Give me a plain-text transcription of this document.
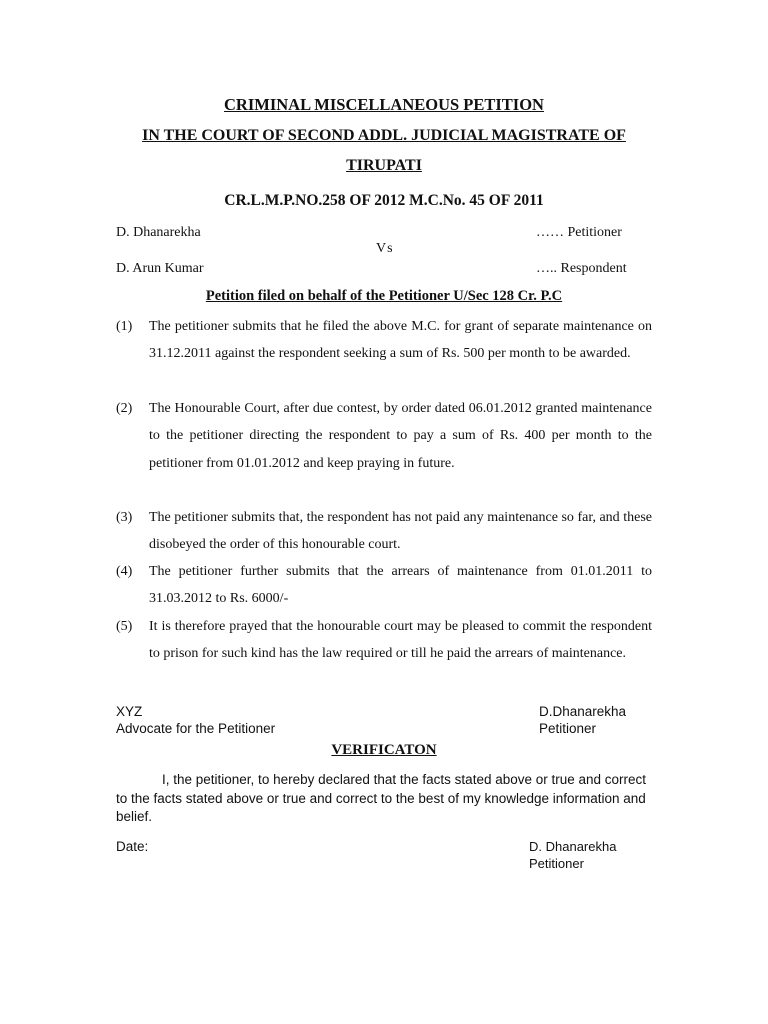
CRIMINAL MISCELLANEOUS PETITION
IN THE COURT OF SECOND ADDL. JUDICIAL MAGISTRATE OF
TIRUPATI
CR.L.M.P.NO.258 OF 2012 M.C.No. 45 OF 2011
D. Dhanarekha	…… Petitioner
Vs
D. Arun Kumar	….. Respondent
Petition filed on behalf of the Petitioner U/Sec 128 Cr. P.C
(1) The petitioner submits that he filed the above M.C. for grant of separate maintenance on 31.12.2011 against the respondent seeking a sum of Rs. 500 per month to be awarded.
(2) The Honourable Court, after due contest, by order dated 06.01.2012 granted maintenance to the petitioner directing the respondent to pay a sum of Rs. 400 per month to the petitioner from 01.01.2012 and keep praying in future.
(3) The petitioner submits that, the respondent has not paid any maintenance so far, and these disobeyed the order of this honourable court.
(4) The petitioner further submits that the arrears of maintenance from 01.01.2011 to 31.03.2012 to Rs. 6000/-
(5) It is therefore prayed that the honourable court may be pleased to commit the respondent to prison for such kind has the law required or till he paid the arrears of maintenance.
XYZ
Advocate for the Petitioner
D.Dhanarekha
Petitioner
VERIFICATON
I, the petitioner, to hereby declared that the facts stated above or true and correct to the facts stated above or true and correct to the best of my knowledge information and belief.
Date:	D. Dhanarekha
Petitioner
